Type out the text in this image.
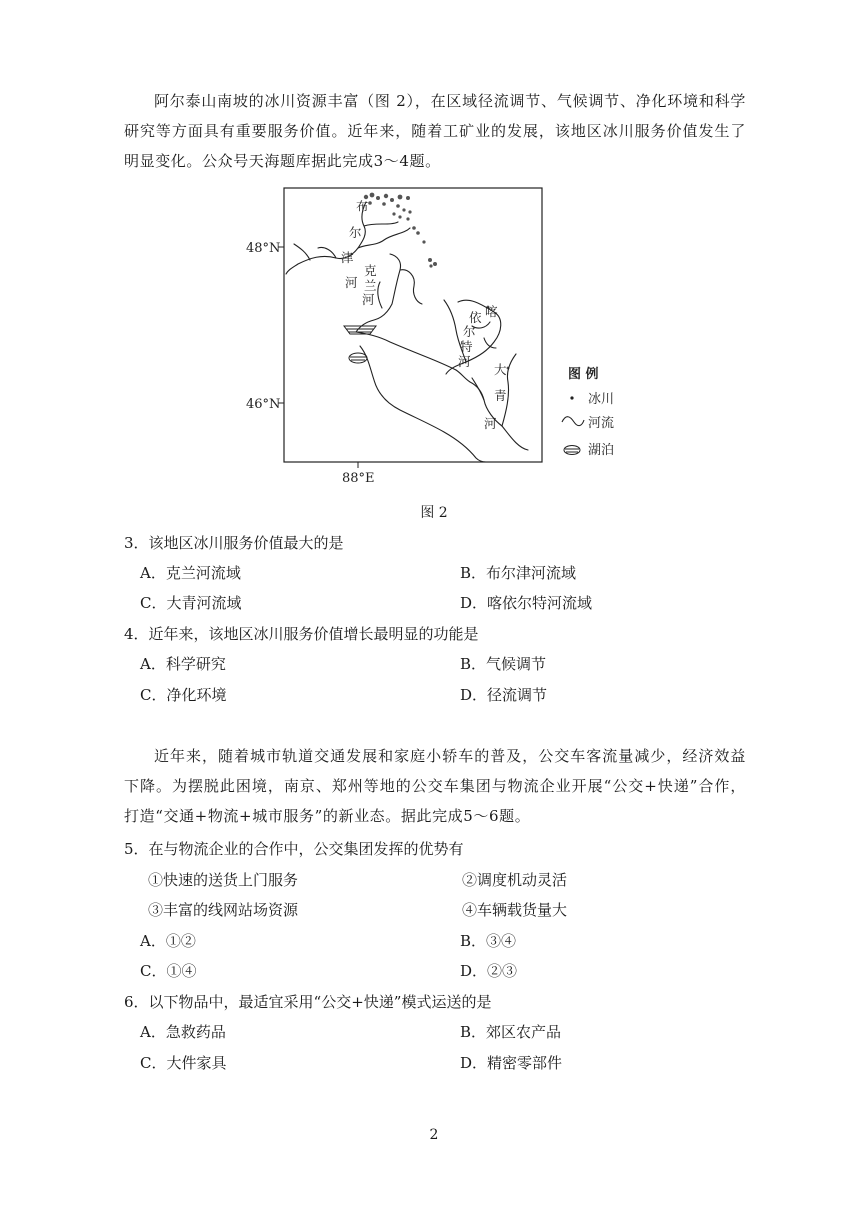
阿尔泰山南坡的冰川资源丰富（图 2），在区域径流调节、气候调节、净化环境和科学研究等方面具有重要服务价值。近年来，随着工矿业的发展，该地区冰川服务价值发生了明显变化。公众号天海题库据此完成3～4题。
48°N
46°N
88°E
布
尔
津
河
克
兰
河
喀
依
尔
特
河
大
青
河
图 例
冰川
河流
湖泊
图 2
3．该地区冰川服务价值最大的是
A．克兰河流域	B．布尔津河流域
C．大青河流域	D．喀依尔特河流域
4．近年来，该地区冰川服务价值增长最明显的功能是
A．科学研究	B．气候调节
C．净化环境	D．径流调节
近年来，随着城市轨道交通发展和家庭小轿车的普及，公交车客流量减少，经济效益下降。为摆脱此困境，南京、郑州等地的公交车集团与物流企业开展“公交+快递”合作，打造“交通+物流+城市服务”的新业态。据此完成5～6题。
5．在与物流企业的合作中，公交集团发挥的优势有
①快速的送货上门服务	②调度机动灵活
③丰富的线网站场资源	④车辆载货量大
A．①②	B．③④
C．①④	D．②③
6．以下物品中，最适宜采用“公交+快递”模式运送的是
A．急救药品	B．郊区农产品
C．大件家具	D．精密零部件
2
